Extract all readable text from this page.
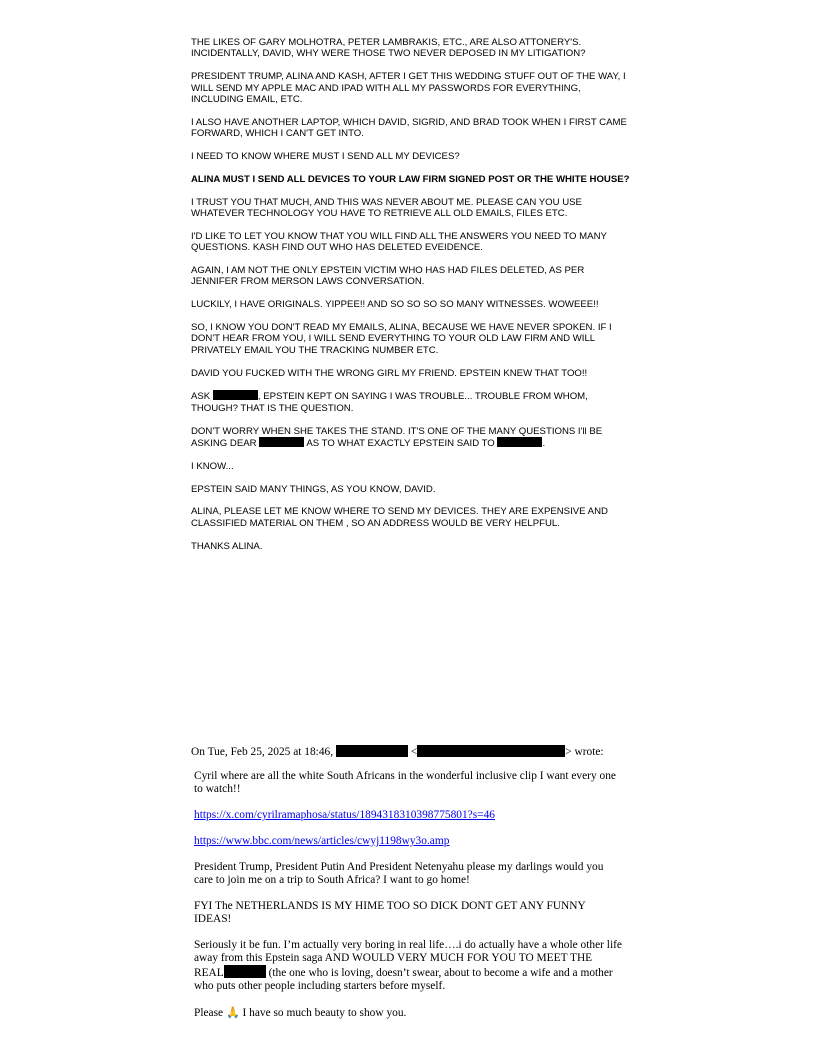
THE LIKES OF GARY MOLHOTRA, PETER LAMBRAKIS, ETC., ARE ALSO ATTONERY'S. INCIDENTALLY, DAVID, WHY WERE THOSE TWO NEVER DEPOSED IN MY LITIGATION?

PRESIDENT TRUMP, ALINA AND KASH, AFTER I GET THIS WEDDING STUFF OUT OF THE WAY, I WILL SEND MY APPLE MAC AND IPAD WITH ALL MY PASSWORDS FOR EVERYTHING, INCLUDING EMAIL, ETC.

I ALSO HAVE ANOTHER LAPTOP, WHICH DAVID, SIGRID, AND BRAD TOOK WHEN I FIRST CAME FORWARD, WHICH I CAN'T GET INTO.

I NEED TO KNOW WHERE MUST I SEND ALL MY DEVICES?

ALINA MUST I SEND ALL DEVICES TO YOUR LAW FIRM SIGNED POST OR THE WHITE HOUSE?

I TRUST YOU THAT MUCH, AND THIS WAS NEVER ABOUT ME. PLEASE CAN YOU USE WHATEVER TECHNOLOGY YOU HAVE TO RETRIEVE ALL OLD EMAILS, FILES ETC.

I'D LIKE TO LET YOU KNOW THAT YOU WILL FIND ALL THE ANSWERS YOU NEED TO MANY QUESTIONS. KASH FIND OUT WHO HAS DELETED EVEIDENCE.

AGAIN, I AM NOT THE ONLY EPSTEIN VICTIM WHO HAS HAD FILES DELETED, AS PER JENNIFER FROM MERSON LAWS CONVERSATION.

LUCKILY, I HAVE ORIGINALS. YIPPEE!! AND SO SO SO SO MANY WITNESSES. WOWEEE!!

SO, I KNOW YOU DON'T READ MY EMAILS, ALINA, BECAUSE WE HAVE NEVER SPOKEN. IF I DON'T HEAR FROM YOU, I WILL SEND EVERYTHING TO YOUR OLD LAW FIRM AND WILL PRIVATELY EMAIL YOU THE TRACKING NUMBER ETC.

DAVID YOU FUCKED WITH THE WRONG GIRL MY FRIEND. EPSTEIN KNEW THAT TOO!!

ASK	, EPSTEIN KEPT ON SAYING I WAS TROUBLE... TROUBLE FROM WHOM, THOUGH? THAT IS THE QUESTION.

DON'T WORRY WHEN SHE TAKES THE STAND. IT'S ONE OF THE MANY QUESTIONS I'll BE ASKING DEAR	AS TO WHAT EXACTLY EPSTEIN SAID TO	.

I KNOW...

EPSTEIN SAID MANY THINGS, AS YOU KNOW, DAVID.

ALINA, PLEASE LET ME KNOW WHERE TO SEND MY DEVICES. THEY ARE EXPENSIVE AND CLASSIFIED MATERIAL ON THEM , SO AN ADDRESS WOULD BE VERY HELPFUL.

THANKS ALINA.

On Tue, Feb 25, 2025 at 18:46,	<	> wrote:

Cyril where are all the white South Africans in the wonderful inclusive clip I want every one to watch!!

https://x.com/cyrilramaphosa/status/1894318310398775801?s=46

https://www.bbc.com/news/articles/cwyj1198wy3o.amp

President Trump, President Putin And President Netenyahu please my darlings would you care to join me on a trip to South Africa? I want to go home!

FYI The NETHERLANDS IS MY HIME TOO SO DICK DONT GET ANY FUNNY IDEAS!

Seriously it be fun. I’m actually very boring in real life….i do actually have a whole other life away from this Epstein saga AND WOULD VERY MUCH FOR YOU TO MEET THE REAL	(the one who is loving, doesn’t swear, about to become a wife and a mother who puts other people including starters before myself.

Please 🙏 I have so much beauty to show you.
